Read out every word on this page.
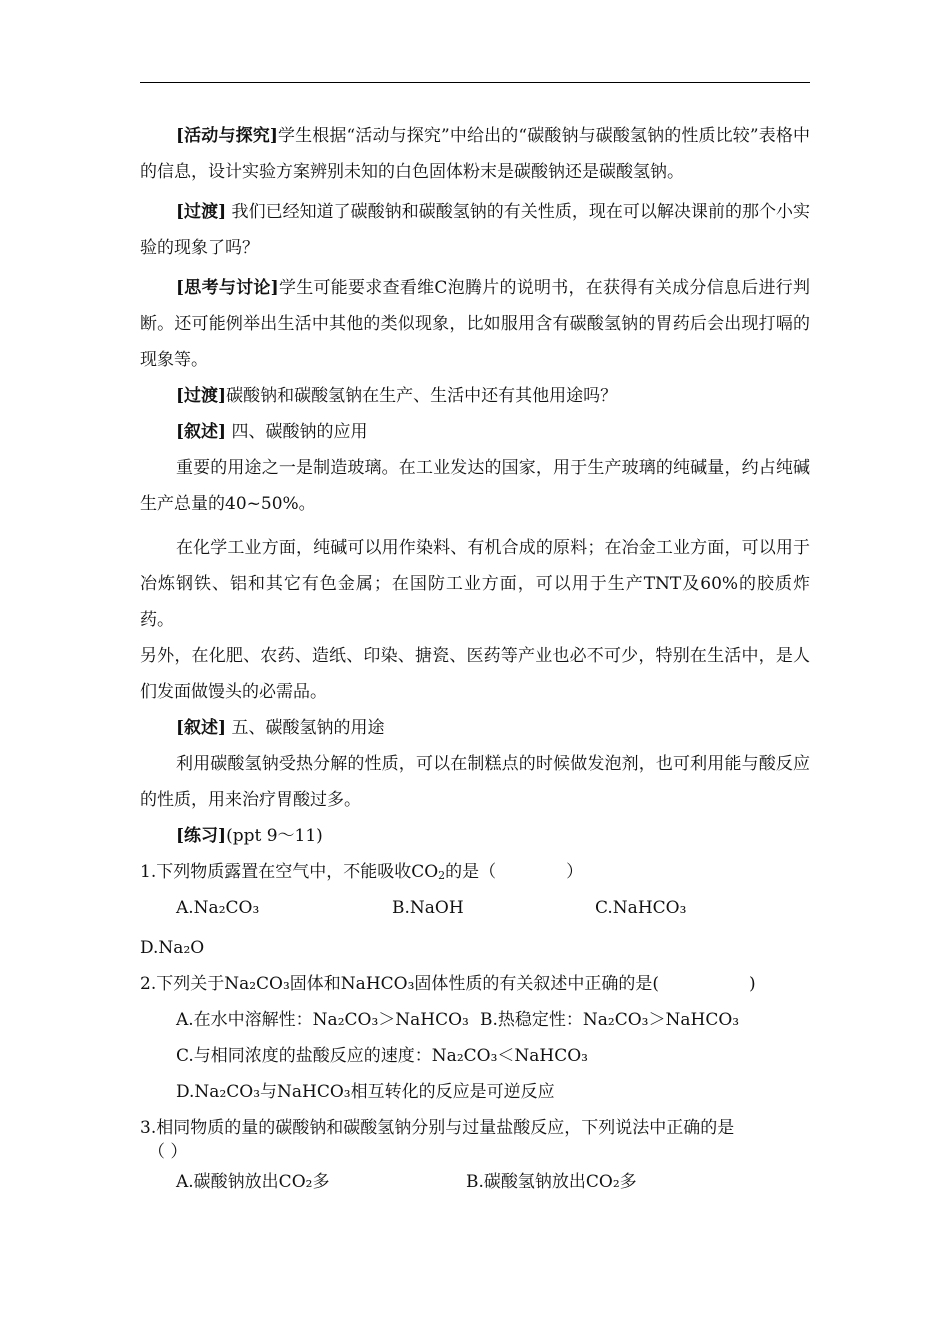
[活动与探究]学生根据“活动与探究”中给出的“碳酸钠与碳酸氢钠的性质比较”表格中的信息，设计实验方案辨别未知的白色固体粉末是碳酸钠还是碳酸氢钠。

[过渡] 我们已经知道了碳酸钠和碳酸氢钠的有关性质，现在可以解决课前的那个小实验的现象了吗？

[思考与讨论]学生可能要求查看维C泡腾片的说明书，在获得有关成分信息后进行判断。还可能例举出生活中其他的类似现象，比如服用含有碳酸氢钠的胃药后会出现打嗝的现象等。

[过渡]碳酸钠和碳酸氢钠在生产、生活中还有其他用途吗？

[叙述] 四、碳酸钠的应用

重要的用途之一是制造玻璃。在工业发达的国家，用于生产玻璃的纯碱量，约占纯碱生产总量的40~50%。

在化学工业方面，纯碱可以用作染料、有机合成的原料；在冶金工业方面，可以用于冶炼钢铁、铝和其它有色金属；在国防工业方面，可以用于生产TNT及60%的胶质炸药。

另外，在化肥、农药、造纸、印染、搪瓷、医药等产业也必不可少，特别在生活中，是人们发面做馒头的必需品。

[叙述] 五、碳酸氢钠的用途

利用碳酸氢钠受热分解的性质，可以在制糕点的时候做发泡剂，也可利用能与酸反应的性质，用来治疗胃酸过多。

[练习](ppt 9～11)

1.下列物质露置在空气中，不能吸收$CO_2$的是（	）

A.Na₂CO₃	B.NaOH	C.NaHCO₃

D.Na₂O

2.下列关于Na₂CO₃固体和NaHCO₃固体性质的有关叙述中正确的是(	)

A.在水中溶解性：Na₂CO₃＞NaHCO₃ B.热稳定性：Na₂CO₃＞NaHCO₃

C.与相同浓度的盐酸反应的速度：Na₂CO₃＜NaHCO₃

D.Na₂CO₃与NaHCO₃相互转化的反应是可逆反应

3.相同物质的量的碳酸钠和碳酸氢钠分别与过量盐酸反应，下列说法中正确的是

（ ）

A.碳酸钠放出CO₂多	B.碳酸氢钠放出CO₂多
